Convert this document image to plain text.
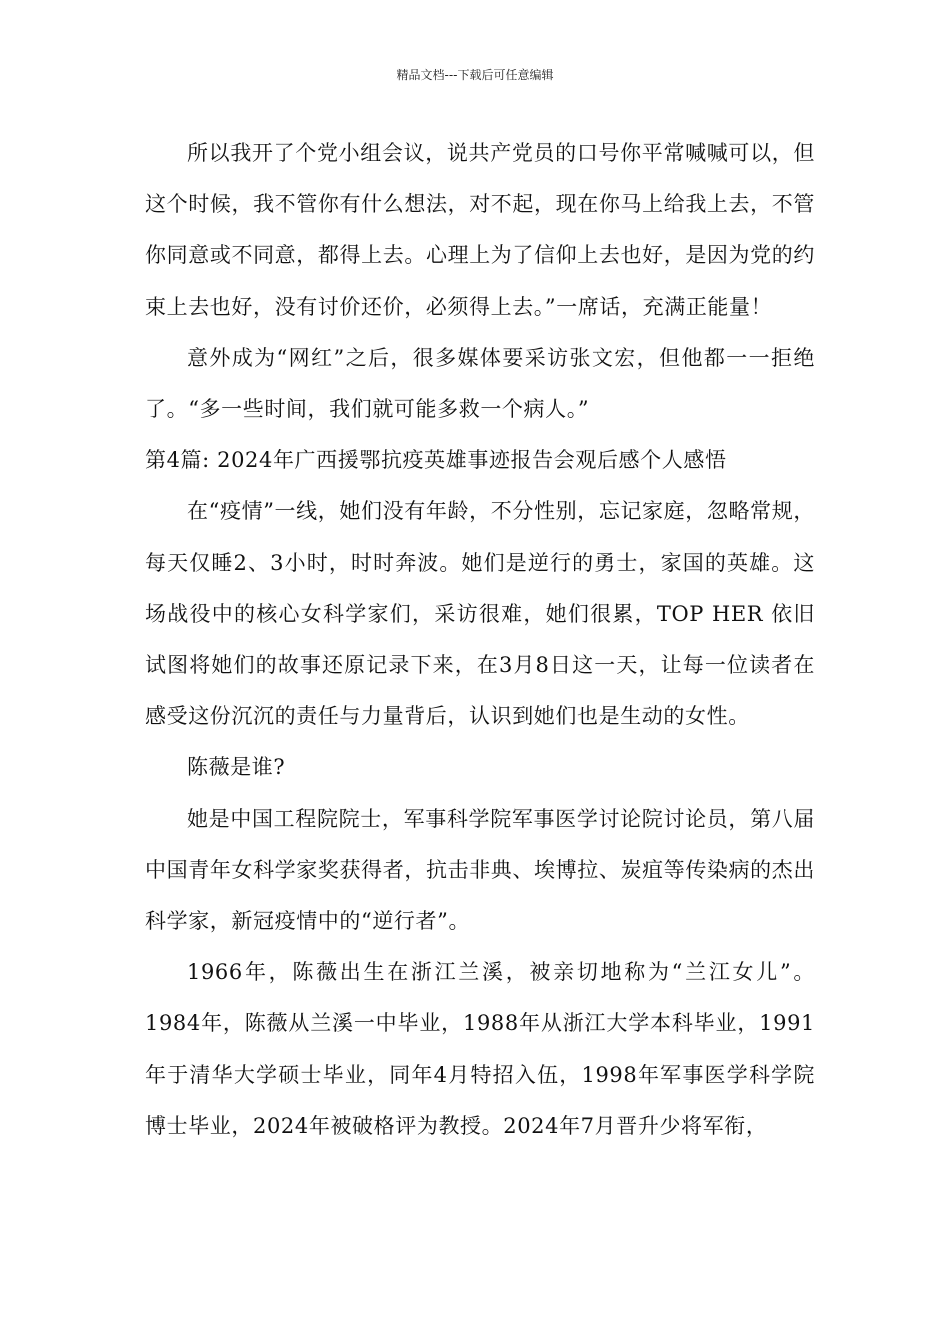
精品文档---下载后可任意编辑

所以我开了个党小组会议，说共产党员的口号你平常喊喊可以，但这个时候，我不管你有什么想法，对不起，现在你马上给我上去，不管你同意或不同意，都得上去。心理上为了信仰上去也好，是因为党的约束上去也好，没有讨价还价，必须得上去。”一席话，充满正能量！

意外成为“网红”之后，很多媒体要采访张文宏，但他都一一拒绝了。“多一些时间，我们就可能多救一个病人。”

第4篇: 2024年广西援鄂抗疫英雄事迹报告会观后感个人感悟

在“疫情”一线，她们没有年龄，不分性别，忘记家庭，忽略常规，每天仅睡2、3小时，时时奔波。她们是逆行的勇士，家国的英雄。这场战役中的核心女科学家们，采访很难，她们很累，TOP HER 依旧试图将她们的故事还原记录下来，在3月8日这一天，让每一位读者在感受这份沉沉的责任与力量背后，认识到她们也是生动的女性。

陈薇是谁?

她是中国工程院院士，军事科学院军事医学讨论院讨论员，第八届中国青年女科学家奖获得者，抗击非典、埃博拉、炭疽等传染病的杰出科学家，新冠疫情中的“逆行者”。

1966年，陈薇出生在浙江兰溪，被亲切地称为“兰江女儿”。1984年，陈薇从兰溪一中毕业，1988年从浙江大学本科毕业，1991年于清华大学硕士毕业，同年4月特招入伍，1998年军事医学科学院博士毕业，2024年被破格评为教授。2024年7月晋升少将军衔，
